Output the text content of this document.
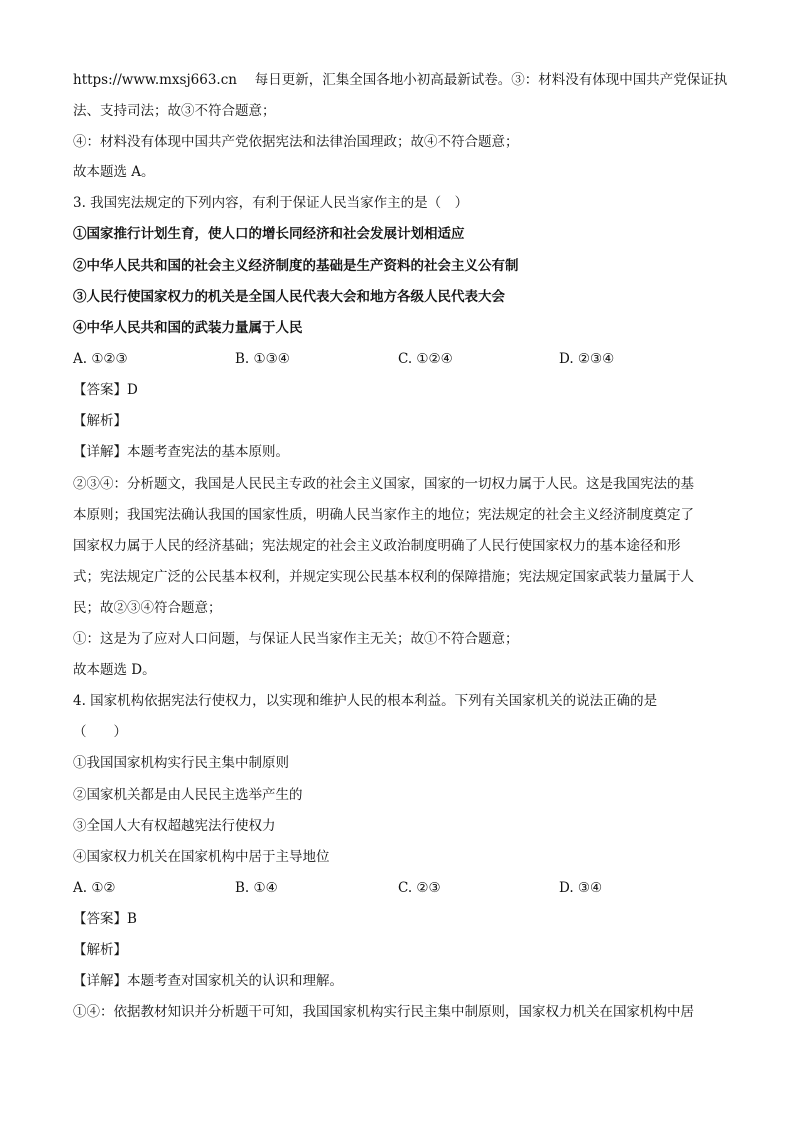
https://www.mxsj663.cn　 每日更新，汇集全国各地小初高最新试卷。③：材料没有体现中国共产党保证执
法、支持司法；故③不符合题意；
④：材料没有体现中国共产党依据宪法和法律治国理政；故④不符合题意；
故本题选 A。
3. 我国宪法规定的下列内容，有利于保证人民当家作主的是（　）
①国家推行计划生育，使人口的增长同经济和社会发展计划相适应
②中华人民共和国的社会主义经济制度的基础是生产资料的社会主义公有制
③人民行使国家权力的机关是全国人民代表大会和地方各级人民代表大会
④中华人民共和国的武装力量属于人民
A. ①②③	B. ①③④	C. ①②④	D. ②③④
【答案】D
【解析】
【详解】本题考查宪法的基本原则。
②③④：分析题文，我国是人民民主专政的社会主义国家，国家的一切权力属于人民。这是我国宪法的基
本原则；我国宪法确认我国的国家性质，明确人民当家作主的地位；宪法规定的社会主义经济制度奠定了
国家权力属于人民的经济基础；宪法规定的社会主义政治制度明确了人民行使国家权力的基本途径和形
式；宪法规定广泛的公民基本权利，并规定实现公民基本权利的保障措施；宪法规定国家武装力量属于人
民；故②③④符合题意；
①：这是为了应对人口问题，与保证人民当家作主无关；故①不符合题意；
故本题选 D。
4. 国家机构依据宪法行使权力，以实现和维护人民的根本利益。下列有关国家机关的说法正确的是
（　　）
①我国国家机构实行民主集中制原则
②国家机关都是由人民民主选举产生的
③全国人大有权超越宪法行使权力
④国家权力机关在国家机构中居于主导地位
A. ①②	B. ①④	C. ②③	D. ③④
【答案】B
【解析】
【详解】本题考查对国家机关的认识和理解。
①④：依据教材知识并分析题干可知，我国国家机构实行民主集中制原则，国家权力机关在国家机构中居
